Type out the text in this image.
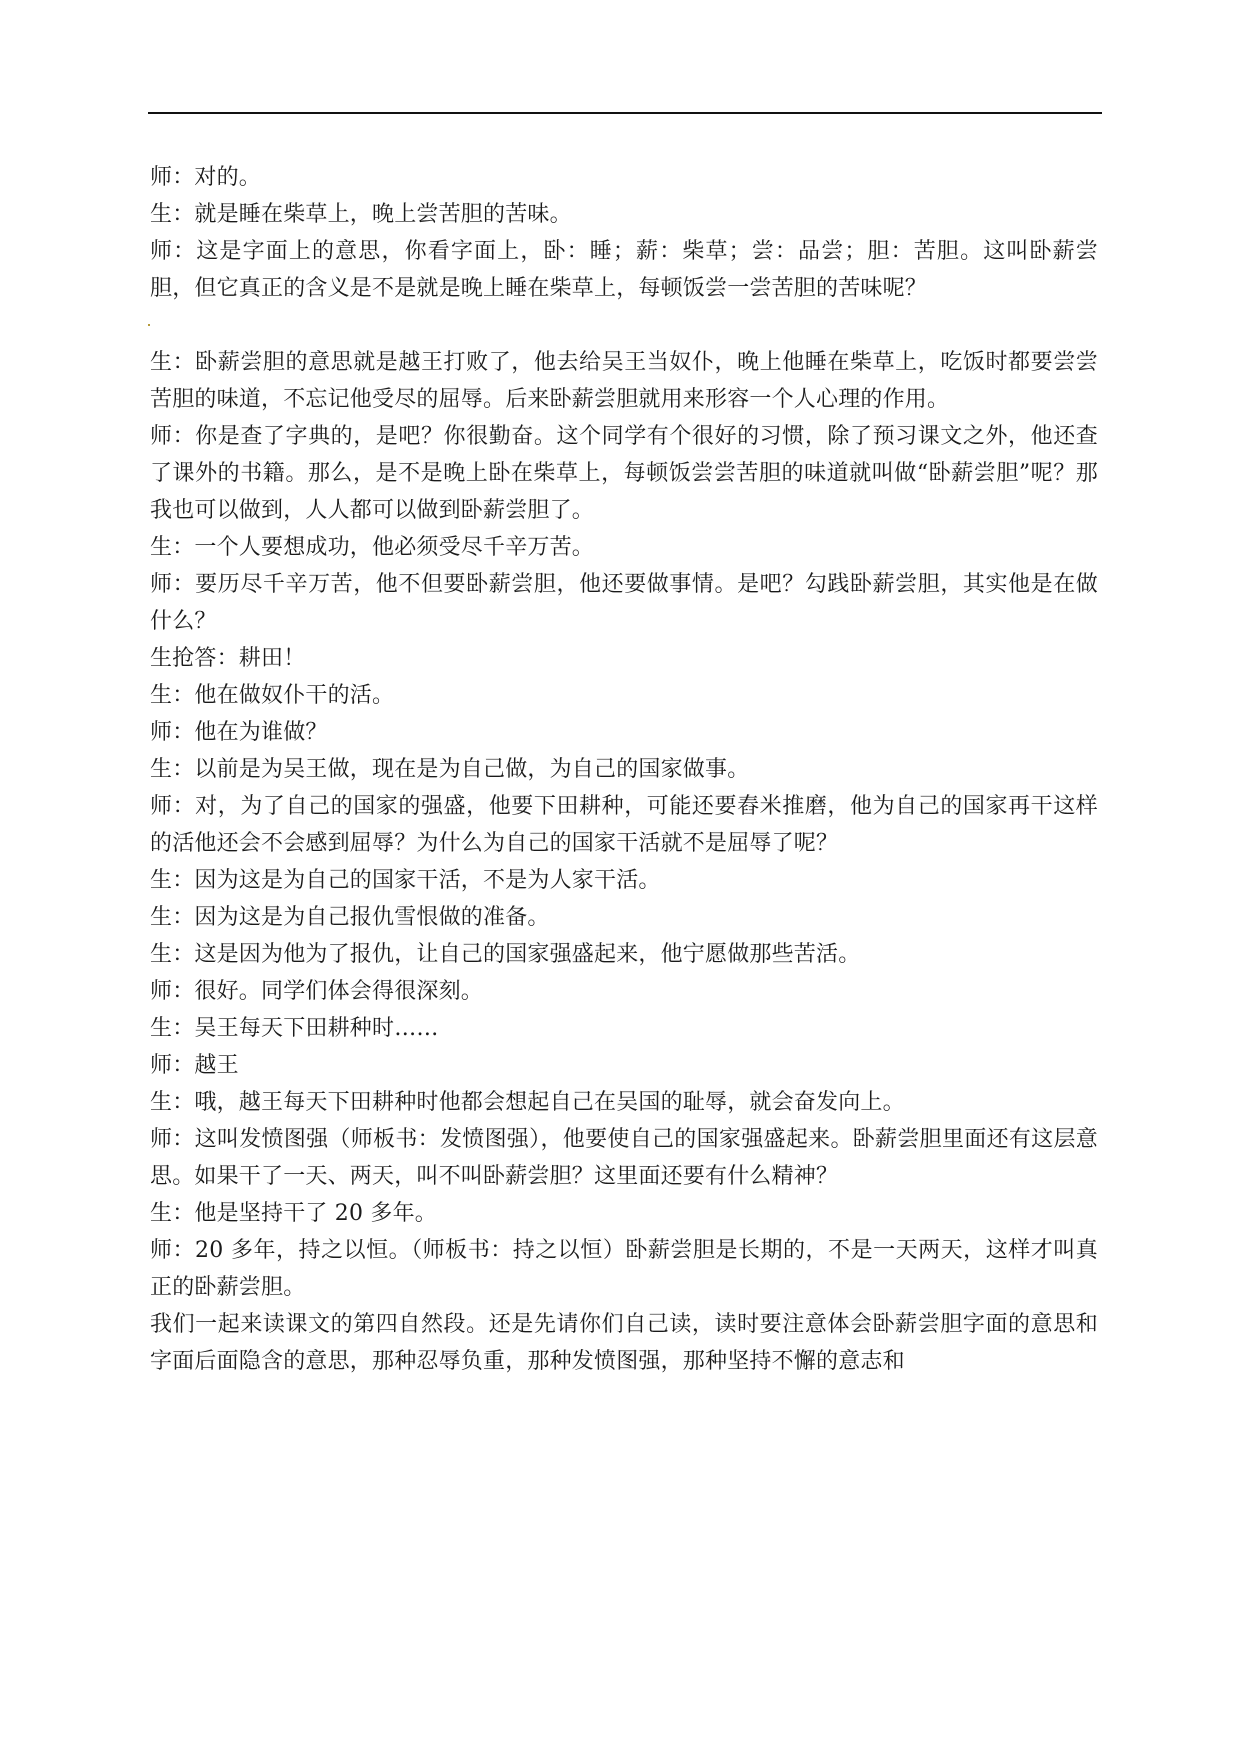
师：对的。

生：就是睡在柴草上，晚上尝苦胆的苦味。

师：这是字面上的意思，你看字面上，卧：睡；薪：柴草；尝：品尝；胆：苦胆。这叫卧薪尝胆，但它真正的含义是不是就是晚上睡在柴草上，每顿饭尝一尝苦胆的苦味呢？

生：卧薪尝胆的意思就是越王打败了，他去给吴王当奴仆，晚上他睡在柴草上，吃饭时都要尝尝苦胆的味道，不忘记他受尽的屈辱。后来卧薪尝胆就用来形容一个人心理的作用。

师：你是查了字典的，是吧？你很勤奋。这个同学有个很好的习惯，除了预习课文之外，他还查了课外的书籍。那么，是不是晚上卧在柴草上，每顿饭尝尝苦胆的味道就叫做“卧薪尝胆”呢？那我也可以做到，人人都可以做到卧薪尝胆了。

生：一个人要想成功，他必须受尽千辛万苦。

师：要历尽千辛万苦，他不但要卧薪尝胆，他还要做事情。是吧？勾践卧薪尝胆，其实他是在做什么？

生抢答：耕田！

生：他在做奴仆干的活。

师：他在为谁做？

生：以前是为吴王做，现在是为自己做，为自己的国家做事。

师：对，为了自己的国家的强盛，他要下田耕种，可能还要舂米推磨，他为自己的国家再干这样的活他还会不会感到屈辱？为什么为自己的国家干活就不是屈辱了呢？

生：因为这是为自己的国家干活，不是为人家干活。

生：因为这是为自己报仇雪恨做的准备。

生：这是因为他为了报仇，让自己的国家强盛起来，他宁愿做那些苦活。

师：很好。同学们体会得很深刻。

生：吴王每天下田耕种时……

师：越王

生：哦，越王每天下田耕种时他都会想起自己在吴国的耻辱，就会奋发向上。

师：这叫发愤图强（师板书：发愤图强），他要使自己的国家强盛起来。卧薪尝胆里面还有这层意思。如果干了一天、两天，叫不叫卧薪尝胆？这里面还要有什么精神？

生：他是坚持干了 20 多年。

师：20 多年，持之以恒。（师板书：持之以恒）卧薪尝胆是长期的，不是一天两天，这样才叫真正的卧薪尝胆。

我们一起来读课文的第四自然段。还是先请你们自己读，读时要注意体会卧薪尝胆字面的意思和字面后面隐含的意思，那种忍辱负重，那种发愤图强，那种坚持不懈的意志和
